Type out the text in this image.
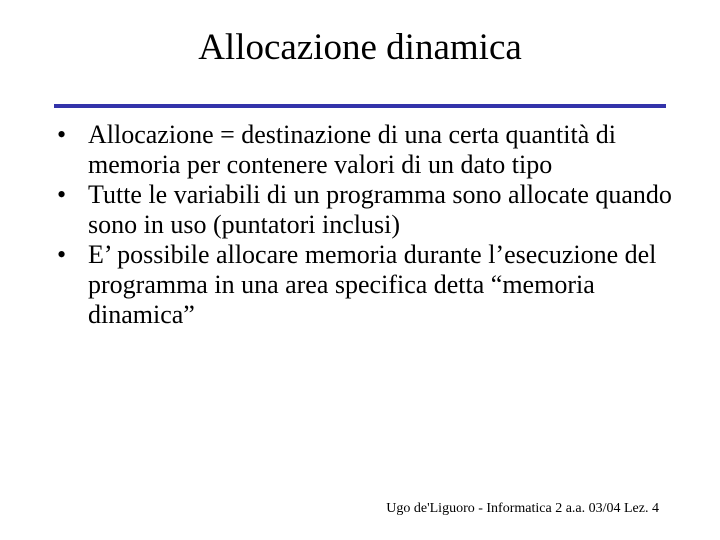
Allocazione dinamica
• Allocazione = destinazione di una certa quantità di memoria per contenere valori di un dato tipo
• Tutte le variabili di un programma sono allocate quando sono in uso (puntatori inclusi)
• E’ possibile allocare memoria durante l’esecuzione del programma in una area specifica detta “memoria dinamica”
Ugo de'Liguoro - Informatica 2 a.a. 03/04 Lez. 4
